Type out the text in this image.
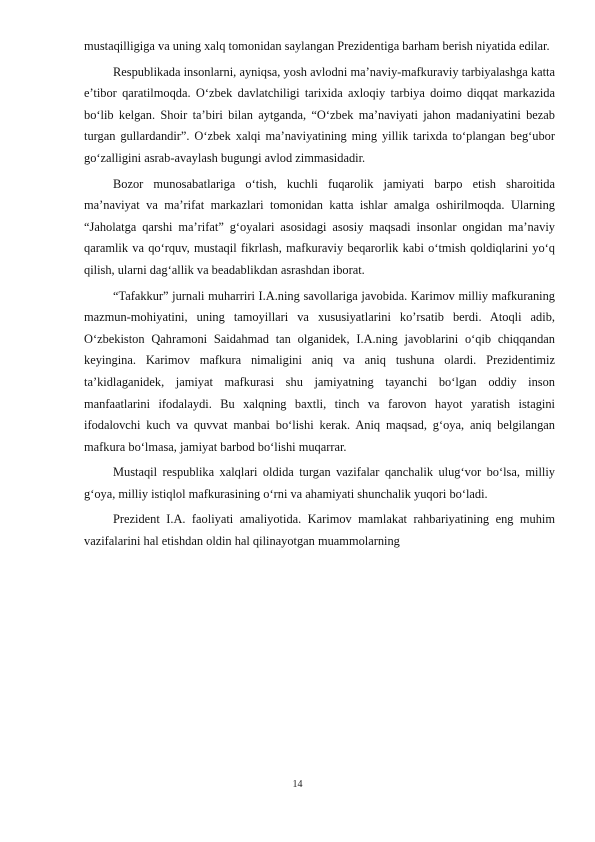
mustaqilligiga va uning xalq tomonidan saylangan Prezidentiga barham berish niyatida edilar.

Respublikada insonlarni, ayniqsa, yosh avlodni ma’naviy-mafkuraviy tarbiyalashga katta e’tibor qaratilmoqda. O‘zbek davlatchiligi tarixida axloqiy tarbiya doimo diqqat markazida bo‘lib kelgan. Shoir ta’biri bilan aytganda, “O‘zbek ma’naviyati jahon madaniyatini bezab turgan gullardandir”. O‘zbek xalqi ma’naviyatining ming yillik tarixda to‘plangan beg‘ubor go‘zalligini asrab-avaylash bugungi avlod zimmasidadir.

Bozor munosabatlariga o‘tish, kuchli fuqarolik jamiyati barpo etish sharoitida ma’naviyat va ma’rifat markazlari tomonidan katta ishlar amalga oshirilmoqda. Ularning “Jaholatga qarshi ma’rifat” g‘oyalari asosidagi asosiy maqsadi insonlar ongidan ma’naviy qaramlik va qo‘rquv, mustaqil fikrlash, mafkuraviy beqarorlik kabi o‘tmish qoldiqlarini yo‘q qilish, ularni dag‘allik va beadablikdan asrashdan iborat.

“Tafakkur” jurnali muharriri I.A.ning savollariga javobida. Karimov milliy mafkuraning mazmun-mohiyatini, uning tamoyillari va xususiyatlarini ko’rsatib berdi. Atoqli adib, O‘zbekiston Qahramoni Saidahmad tan olganidek, I.A.ning javoblarini o‘qib chiqqandan keyingina. Karimov mafkura nimaligini aniq va aniq tushuna olardi. Prezidentimiz ta’kidlaganidek, jamiyat mafkurasi shu jamiyatning tayanchi bo‘lgan oddiy inson manfaatlarini ifodalaydi. Bu xalqning baxtli, tinch va farovon hayot yaratish istagini ifodalovchi kuch va quvvat manbai bo‘lishi kerak. Aniq maqsad, g‘oya, aniq belgilangan mafkura bo‘lmasa, jamiyat barbod bo‘lishi muqarrar.

Mustaqil respublika xalqlari oldida turgan vazifalar qanchalik ulug‘vor bo‘lsa, milliy g‘oya, milliy istiqlol mafkurasining o‘rni va ahamiyati shunchalik yuqori bo‘ladi.

Prezident I.A. faoliyati amaliyotida. Karimov mamlakat rahbariyatining eng muhim vazifalarini hal etishdan oldin hal qilinayotgan muammolarning

14
